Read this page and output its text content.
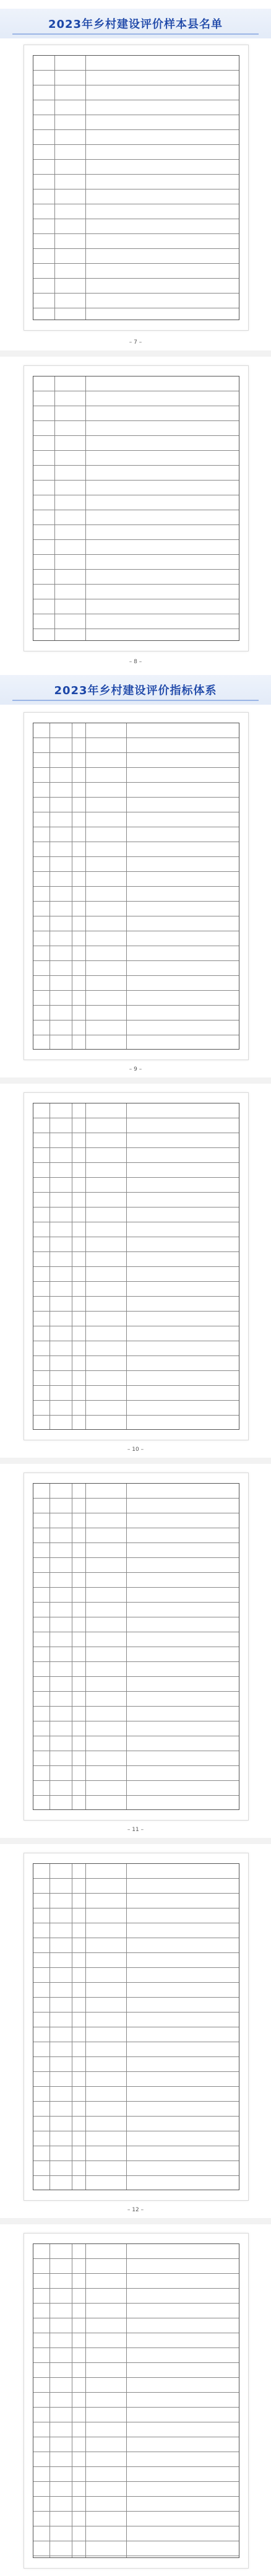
2023年乡村建设评价样本县名单
– 7 –
– 8 –
2023年乡村建设评价指标体系
– 9 –
– 10 –
– 11 –
– 12 –
